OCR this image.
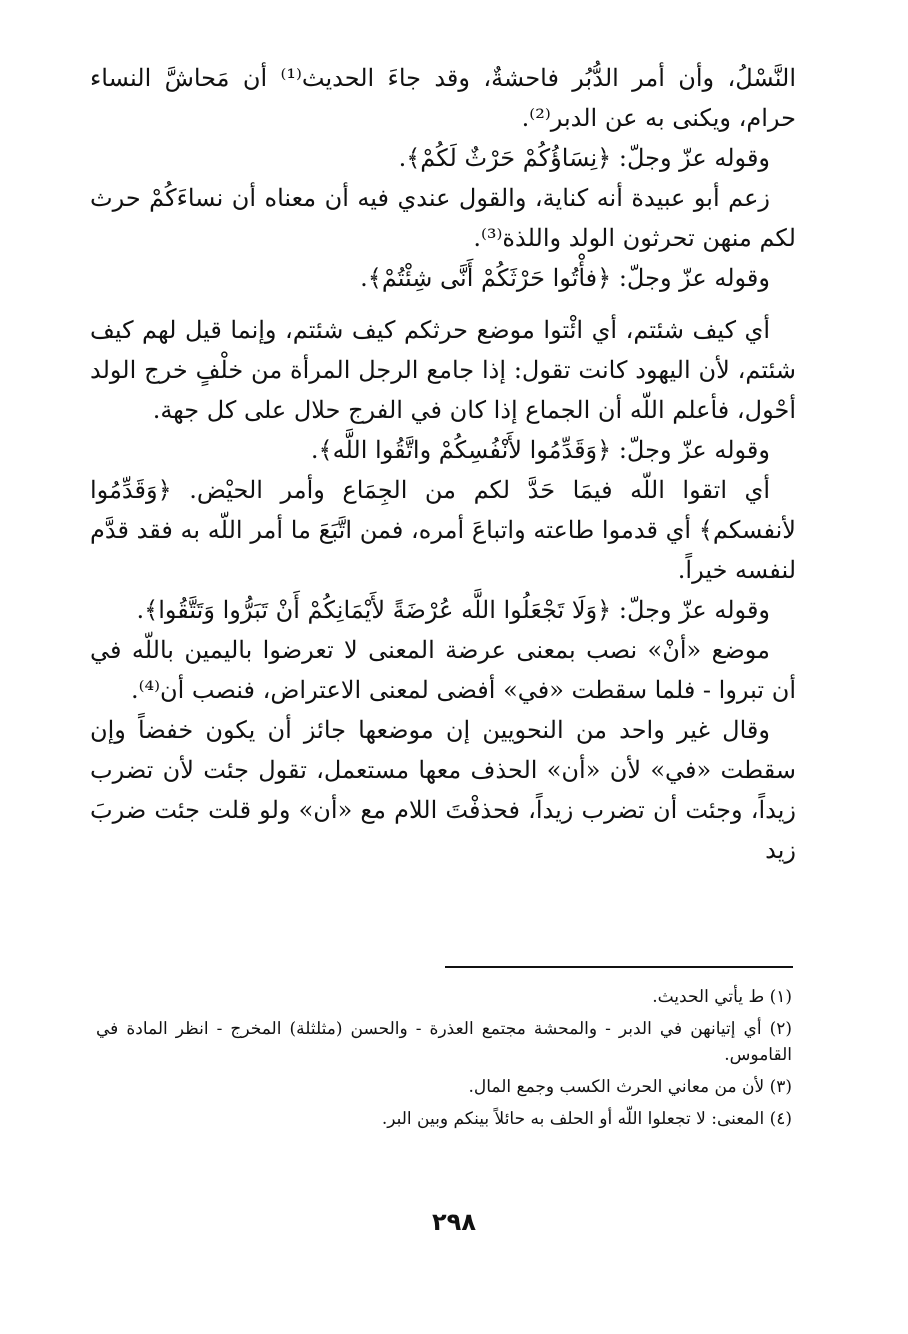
النَّسْلُ، وأن أمر الدُّبُر فاحشةٌ، وقد جاءَ الحديث⁽¹⁾ أن مَحاشَّ النساء حرام، ويكنى به عن الدبر⁽²⁾.

وقوله عزّ وجلّ: ﴿نِسَاؤُكُمْ حَرْثٌ لَكُمْ﴾.

زعم أبو عبيدة أنه كناية، والقول عندي فيه أن معناه أن نساءَكُمْ حرث لكم منهن تحرثون الولد واللذة⁽³⁾.

وقوله عزّ وجلّ: ﴿فأْتُوا حَرْثَكُمْ أَنَّى شِئْتُمْ﴾.

أي كيف شئتم، أي ائْتوا موضع حرثكم كيف شئتم، وإنما قيل لهم كيف شئتم، لأن اليهود كانت تقول: إذا جامع الرجل المرأة من خلْفٍ خرج الولد أحْول، فأعلم اللّه أن الجماع إذا كان في الفرج حلال على كل جهة.

وقوله عزّ وجلّ: ﴿وَقَدِّمُوا لأَنْفُسِكُمْ واتَّقُوا اللَّه﴾.

أي اتقوا اللّه فيمَا حَدَّ لكم من الجِمَاع وأمر الحيْض. ﴿وَقَدِّمُوا لأنفسكم﴾ أي قدموا طاعته واتباعَ أمره، فمن اتَّبَعَ ما أمر اللّه به فقد قدَّم لنفسه خيراً.

وقوله عزّ وجلّ: ﴿وَلَا تَجْعَلُوا اللَّه عُرْضَةً لأَيْمَانِكُمْ أَنْ تَبَرُّوا وَتَتَّقُوا﴾.

موضع «أنْ» نصب بمعنى عرضة المعنى لا تعرضوا باليمين باللّه في أن تبروا - فلما سقطت «في» أفضى لمعنى الاعتراض، فنصب أن⁽⁴⁾.

وقال غير واحد من النحويين إن موضعها جائز أن يكون خفضاً وإن سقطت «في» لأن «أن» الحذف معها مستعمل، تقول جئت لأن تضرب زيداً، وجئت أن تضرب زيداً، فحذفْتَ اللام مع «أن» ولو قلت جئت ضربَ زيد

(١) ط يأتي الحديث.

(٢) أي إتيانهن في الدبر - والمحشة مجتمع العذرة - والحسن (مثلثلة) المخرج - انظر المادة في القاموس.

(٣) لأن من معاني الحرث الكسب وجمع المال.

(٤) المعنى: لا تجعلوا اللّه أو الحلف به حائلاً بينكم وبين البر.

٢٩٨
